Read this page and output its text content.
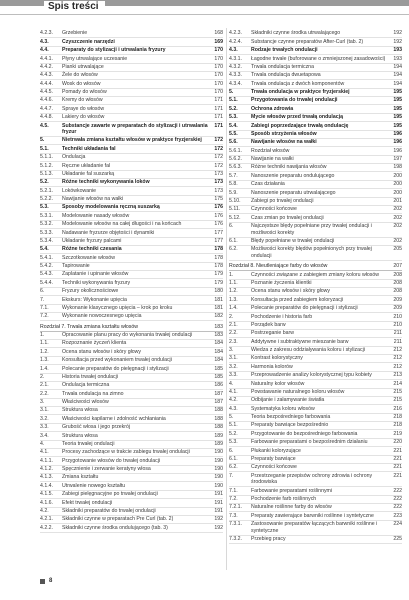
Spis treści
4.2.3.	Grzebienie	168
4.3.	Czyszczenie narzędzi	169
4.4.	Preparaty do stylizacji i utrwalania fryzury	170
4.4.1.	Płyny utrwalające uczesanie	170
4.4.2.	Pianki utrwalające	170
4.4.3.	Żele do włosów	170
4.4.4.	Wosk do włosów	170
4.4.5.	Pomady do włosów	170
4.4.6.	Kremy do włosów	171
4.4.7.	Spraye do włosów	171
4.4.8.	Lakiery do włosów	171
4.5.	Substancje zawarte w preparatach do stylizacji i utrwalania fryzur
171
5.	Nietrwała zmiana kształtu włosów w praktyce fryzjerskiej	172
5.1.	Techniki układania fal	172
5.1.1.	Ondulacja	172
5.1.2.	Ręczne układanie fal	172
5.1.3.	Układanie fal suszarką	173
5.2.	Różne techniki wykonywania loków	173
5.2.1.	Lokówkowanie	173
5.2.2.	Nawijanie włosów na wałki	175
5.3.	Sposoby modelowania ręczną suszarką	176
5.3.1.	Modelowanie nasady włosów	176
5.3.2.	Modelowanie włosów na całej długości i na końcach	176
5.3.3.	Nadawanie fryzurze objętości i dynamiki	177
5.3.4.	Układanie fryzury palcami	177
5.4.	Różne techniki czesania	178
5.4.1.	Szczotkowanie włosów	178
5.4.2.	Tapirowanie	178
5.4.3.	Zaplatanie i upinanie włosów	179
5.4.4.	Techniki wykonywania fryzury	179
6.	Fryzury okolicznościowe	180
7.	Ekskurs: Wykonanie upięcia	181
7.1.	Wykonanie klasycznego upięcia – krok po kroku	181
7.2.	Wykonanie nowoczesnego upięcia	182
Rozdział 7. Trwała zmiana kształtu włosów	183
1.	Opracowanie planu pracy do wykonania trwałej ondulacji	183
1.1.	Rozpoznanie życzeń klienta	184
1.2.	Ocena stanu włosów i skóry głowy	184
1.3.	Konsultacja przed wykonaniem trwałej ondulacji	184
1.4.	Polecanie preparatów do pielęgnacji i stylizacji	185
2.	Historia trwałej ondulacji	185
2.1.	Ondulacja termiczna	186
2.2.	Trwała ondulacja na zimno	187
3.	Właściwości włosów	187
3.1.	Struktura włosa	188
3.2.	Właściwości kapilarne i zdolność wchłaniania	188
3.3.	Grubość włosa i jego przekrój	188
3.4.	Struktura włosa	189
4.	Teoria trwałej ondulacji	189
4.1.	Procesy zachodzące w trakcie zabiegu trwałej ondulacji	190
4.1.1.	Przygotowanie włosów do trwałej ondulacji	190
4.1.2.	Spęcznienie i zerwanie keratyny włosa	190
4.1.3.	Zmiana kształtu	190
4.1.4.	Utrwalenie nowego kształtu	190
4.1.5.	Zabiegi pielęgnacyjne po trwałej ondulacji	191
4.1.6.	Efekt trwałej ondulacji	191
4.2.	Składniki preparatów do trwałej ondulacji	191
4.2.1.	Składniki czynne w preparatach Pre Curl (tab. 2)	192
4.2.2.	Składniki czynne środka ondulującego (tab. 3)	192
4.2.3.	Składniki czynne środka utrwalającego	192
4.2.4.	Substancje czynne preparatów After-Curl (tab. 2)	192
4.3.	Rodzaje trwałych ondulacji	193
4.3.1.	Łagodne trwałe (buforowane o zmniejszonej zasadowości)	193
4.3.2.	Trwała ondulacja termiczna	194
4.3.3.	Trwała ondulacja dwuetapowa	194
4.3.4.	Trwała ondulacja z dwóch komponentów	194
5.	Trwała ondulacja w praktyce fryzjerskiej	195
5.1.	Przygotowania do trwałej ondulacji	195
5.2.	Ochrona zdrowia	195
5.3.	Mycie włosów przed trwałą ondulacją	195
5.4.	Zabiegi poprzedzające trwałą ondulację	195
5.5.	Sposób strzyżenia włosów	196
5.6.	Nawijanie włosów na wałki	196
5.6.1.	Rozdział włosów	196
5.6.2.	Nawijanie na wałki	197
5.6.3.	Różne techniki nawijania włosów	198
5.7.	Nanoszenie preparatu ondulującego	200
5.8.	Czas działania	200
5.9.	Nanoszenie preparatu utrwalającego	200
5.10.	Zabiegi po trwałej ondulacji	201
5.11.	Czynności końcowe	202
5.12.	Czas zmian po trwałej ondulacji	202
6.	Najczęstsze błędy popełniane przy trwałej ondulacji i możliwości korekty
202
6.1.	Błędy popełniane w trwałej ondulacji	202
6.2.	Możliwości korekty błędów popełnionych przy trwałej ondulacji
205
Rozdział 8. Nieutleniające farby do włosów	207
1.	Czynności związane z zabiegiem zmiany koloru włosów	208
1.1.	Poznanie życzenia klientki	208
1.2.	Ocena stanu włosów i skóry głowy	208
1.3.	Konsultacja przed zabiegiem koloryzacji	209
1.4.	Polecanie preparatów do pielęgnacji i stylizacji	209
2.	Pochodzenie i historia farb	210
2.1.	Porządek barw	210
2.2.	Postrzeganie barw	211
2.3.	Addytywne i subtraktywne mieszanie barw	211
3.	Wiedza z zakresu oddziaływania koloru i stylizacji	212
3.1.	Kontrast kolorystyczny	212
3.2.	Harmonia kolorów	212
3.3.	Przeprowadzenie analizy kolorystycznej typu kobiety	213
4.	Naturalny kolor włosów	214
4.1.	Powstawanie naturalnego koloru włosów	215
4.2.	Odbijanie i załamywanie światła	215
4.3.	Systematyka koloru włosów	216
5.	Teoria bezpośredniego farbowania	218
5.1.	Preparaty barwiące bezpośrednio	218
5.2.	Przygotowanie do bezpośredniego farbowania	219
5.3.	Farbowanie preparatami o bezpośrednim działaniu	220
6.	Płukanki koloryzujące	221
6.1.	Preparaty barwiące	221
6.2.	Czynności końcowe	221
7.	Przestrzeganie przepisów ochrony zdrowia i ochrony środowiska
221
7.1.	Farbowanie preparatami roślinnymi	222
7.2.	Pochodzenie farb roślinnych	222
7.2.1.	Naturalne roślinne farby do włosów	222
7.3.	Preparaty zawierające barwniki roślinne i syntetyczne	223
7.3.1.	Zastosowanie preparatów łączących barwniki roślinne i syntetyczne
224
7.3.2.	Przebieg pracy	225
8
